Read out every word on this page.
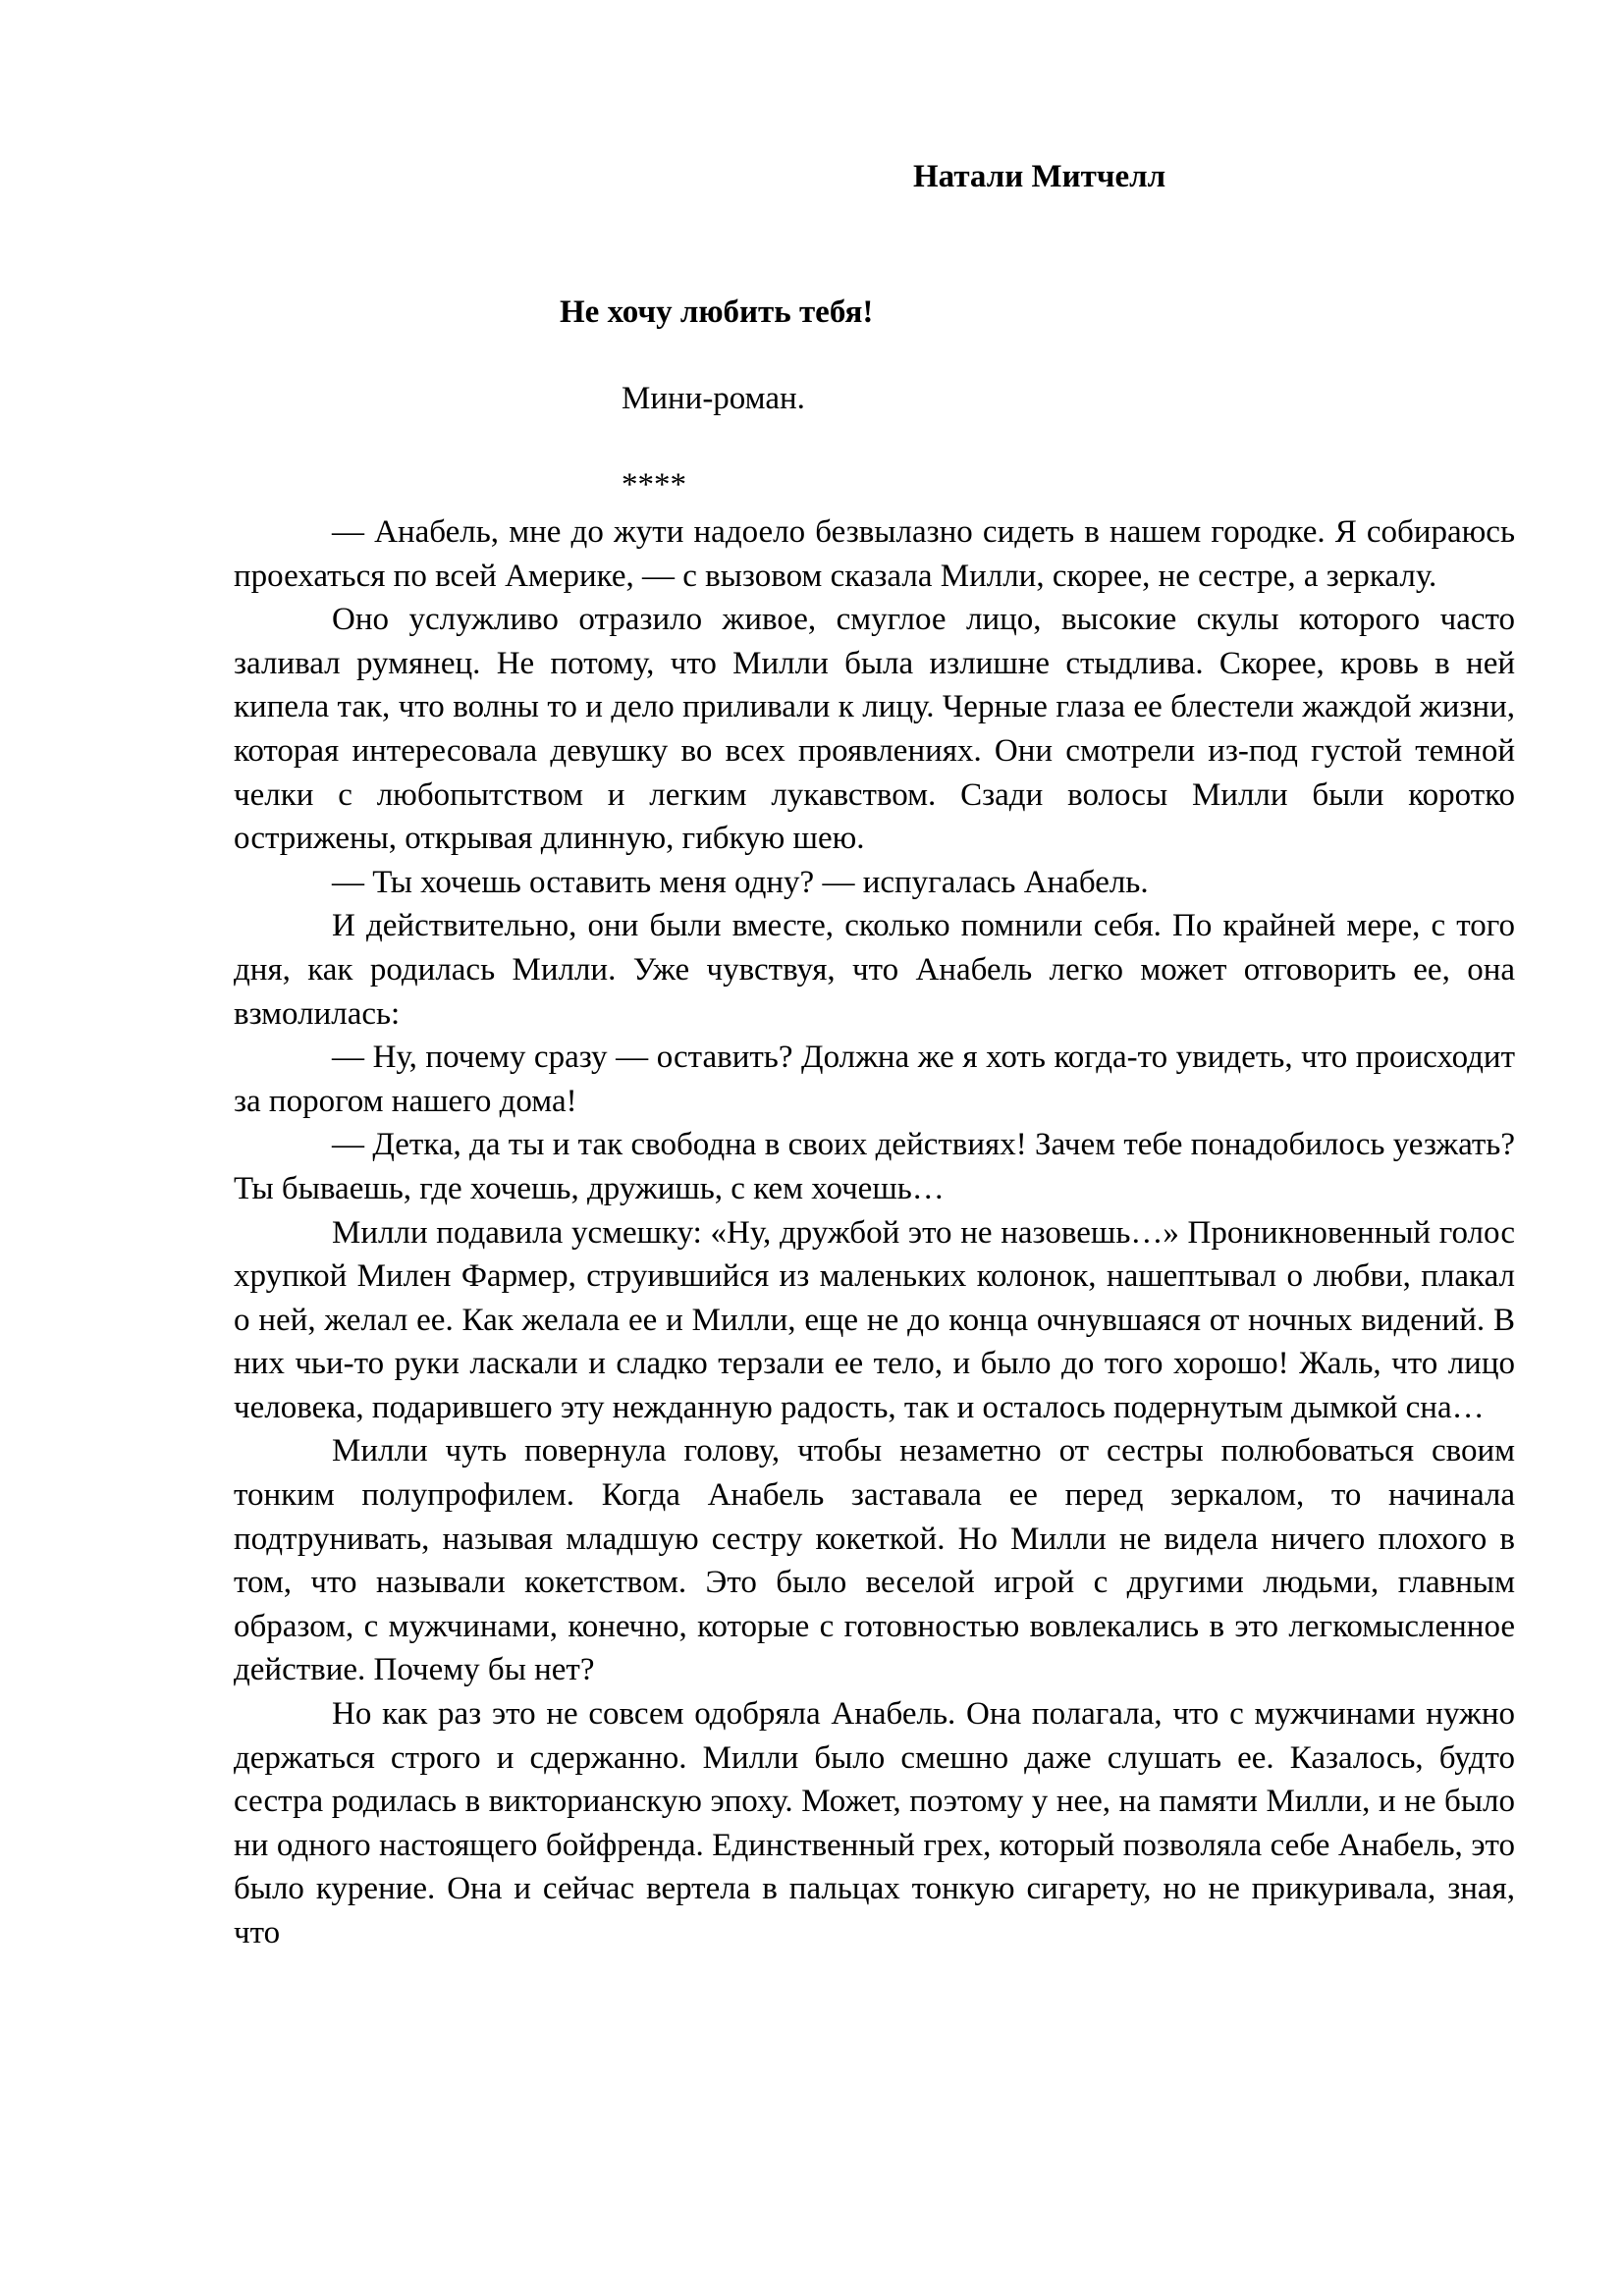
Натали Митчелл
Не хочу любить тебя!
Мини-роман.
****

— Анабель, мне до жути надоело безвылазно сидеть в нашем городке. Я собираюсь проехаться по всей Америке, — с вызовом сказала Милли, скорее, не сестре, а зеркалу.

Оно услужливо отразило живое, смуглое лицо, высокие скулы которого часто заливал румянец. Не потому, что Милли была излишне стыдлива. Скорее, кровь в ней кипела так, что волны то и дело приливали к лицу. Черные глаза ее блестели жаждой жизни, которая интересовала девушку во всех проявлениях. Они смотрели из-под густой темной челки с любопытством и легким лукавством. Сзади волосы Милли были коротко острижены, открывая длинную, гибкую шею.

— Ты хочешь оставить меня одну? — испугалась Анабель.

И действительно, они были вместе, сколько помнили себя. По крайней мере, с того дня, как родилась Милли. Уже чувствуя, что Анабель легко может отговорить ее, она взмолилась:

— Ну, почему сразу — оставить? Должна же я хоть когда-то увидеть, что происходит за порогом нашего дома!

— Детка, да ты и так свободна в своих действиях! Зачем тебе понадобилось уезжать? Ты бываешь, где хочешь, дружишь, с кем хочешь…

Милли подавила усмешку: «Ну, дружбой это не назовешь…» Проникновенный голос хрупкой Милен Фармер, струившийся из маленьких колонок, нашептывал о любви, плакал о ней, желал ее. Как желала ее и Милли, еще не до конца очнувшаяся от ночных видений. В них чьи-то руки ласкали и сладко терзали ее тело, и было до того хорошо! Жаль, что лицо человека, подарившего эту нежданную радость, так и осталось подернутым дымкой сна…

Милли чуть повернула голову, чтобы незаметно от сестры полюбоваться своим тонким полупрофилем. Когда Анабель заставала ее перед зеркалом, то начинала подтрунивать, называя младшую сестру кокеткой. Но Милли не видела ничего плохого в том, что называли кокетством. Это было веселой игрой с другими людьми, главным образом, с мужчинами, конечно, которые с готовностью вовлекались в это легкомысленное действие. Почему бы нет?

Но как раз это не совсем одобряла Анабель. Она полагала, что с мужчинами нужно держаться строго и сдержанно. Милли было смешно даже слушать ее. Казалось, будто сестра родилась в викторианскую эпоху. Может, поэтому у нее, на памяти Милли, и не было ни одного настоящего бойфренда. Единственный грех, который позволяла себе Анабель, это было курение. Она и сейчас вертела в пальцах тонкую сигарету, но не прикуривала, зная, что
